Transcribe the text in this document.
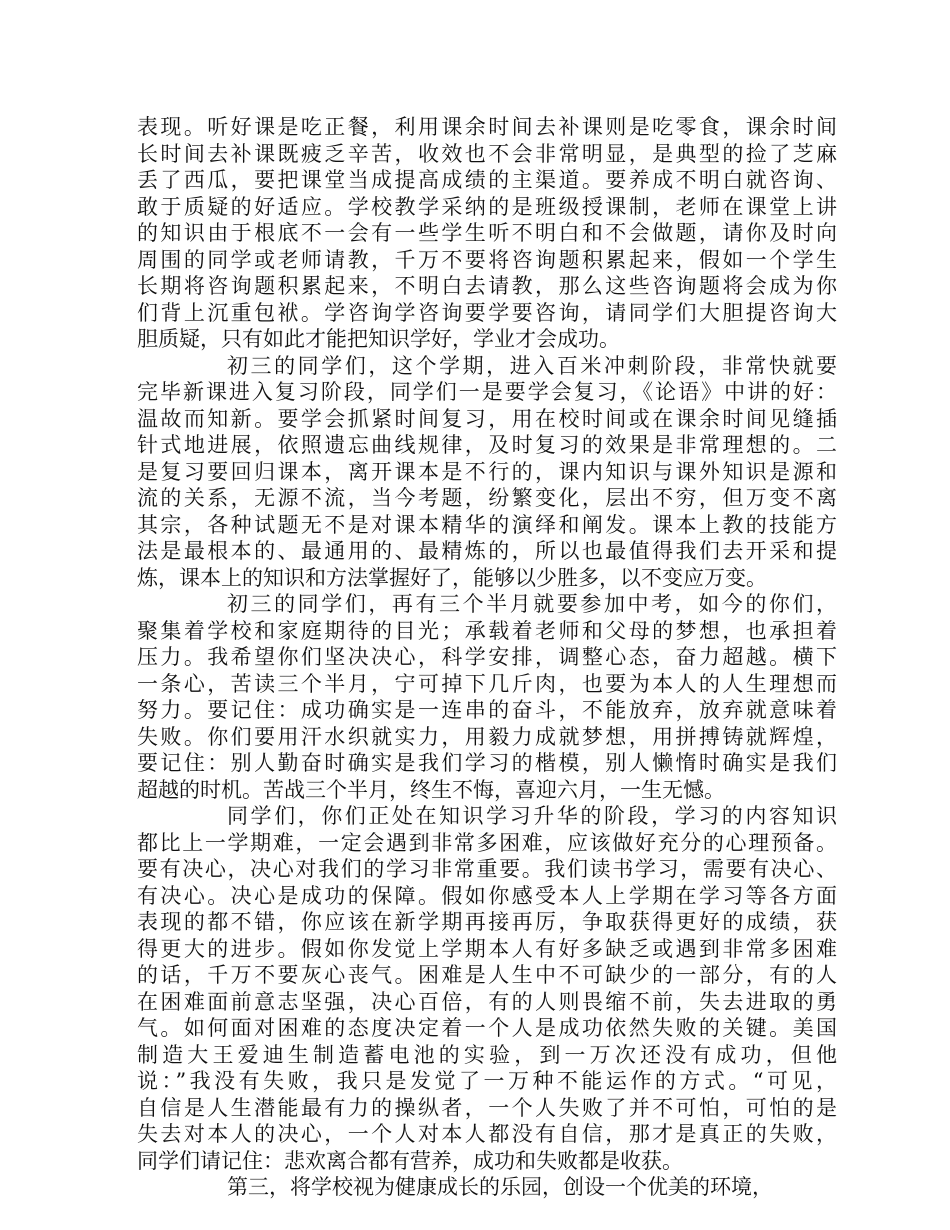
表现。听好课是吃正餐，利用课余时间去补课则是吃零食，课余时间
长时间去补课既疲乏辛苦，收效也不会非常明显，是典型的捡了芝麻
丢了西瓜，要把课堂当成提高成绩的主渠道。要养成不明白就咨询、
敢于质疑的好适应。学校教学采纳的是班级授课制，老师在课堂上讲
的知识由于根底不一会有一些学生听不明白和不会做题，请你及时向
周围的同学或老师请教，千万不要将咨询题积累起来，假如一个学生
长期将咨询题积累起来，不明白去请教，那么这些咨询题将会成为你
们背上沉重包袱。学咨询学咨询要学要咨询，请同学们大胆提咨询大
胆质疑，只有如此才能把知识学好，学业才会成功。
初三的同学们，这个学期，进入百米冲刺阶段，非常快就要
完毕新课进入复习阶段，同学们一是要学会复习，《论语》中讲的好：
温故而知新。要学会抓紧时间复习，用在校时间或在课余时间见缝插
针式地进展，依照遗忘曲线规律，及时复习的效果是非常理想的。二
是复习要回归课本，离开课本是不行的，课内知识与课外知识是源和
流的关系，无源不流，当今考题，纷繁变化，层出不穷，但万变不离
其宗，各种试题无不是对课本精华的演绎和阐发。课本上教的技能方
法是最根本的、最通用的、最精炼的，所以也最值得我们去开采和提
炼，课本上的知识和方法掌握好了，能够以少胜多，以不变应万变。
初三的同学们，再有三个半月就要参加中考，如今的你们，
聚集着学校和家庭期待的目光；承载着老师和父母的梦想，也承担着
压力。我希望你们坚决决心，科学安排，调整心态，奋力超越。横下
一条心，苦读三个半月，宁可掉下几斤肉，也要为本人的人生理想而
努力。要记住：成功确实是一连串的奋斗，不能放弃，放弃就意味着
失败。你们要用汗水织就实力，用毅力成就梦想，用拼搏铸就辉煌，
要记住：别人勤奋时确实是我们学习的楷模，别人懒惰时确实是我们
超越的时机。苦战三个半月，终生不悔，喜迎六月，一生无憾。
同学们，你们正处在知识学习升华的阶段，学习的内容知识
都比上一学期难，一定会遇到非常多困难，应该做好充分的心理预备。
要有决心，决心对我们的学习非常重要。我们读书学习，需要有决心、
有决心。决心是成功的保障。假如你感受本人上学期在学习等各方面
表现的都不错，你应该在新学期再接再厉，争取获得更好的成绩，获
得更大的进步。假如你发觉上学期本人有好多缺乏或遇到非常多困难
的话，千万不要灰心丧气。困难是人生中不可缺少的一部分，有的人
在困难面前意志坚强，决心百倍，有的人则畏缩不前，失去进取的勇
气。如何面对困难的态度决定着一个人是成功依然失败的关键。美国
制造大王爱迪生制造蓄电池的实验，到一万次还没有成功，但他
说：”我没有失败，我只是发觉了一万种不能运作的方式。“可见，
自信是人生潜能最有力的操纵者，一个人失败了并不可怕，可怕的是
失去对本人的决心，一个人对本人都没有自信，那才是真正的失败，
同学们请记住：悲欢离合都有营养，成功和失败都是收获。
第三，将学校视为健康成长的乐园，创设一个优美的环境，
